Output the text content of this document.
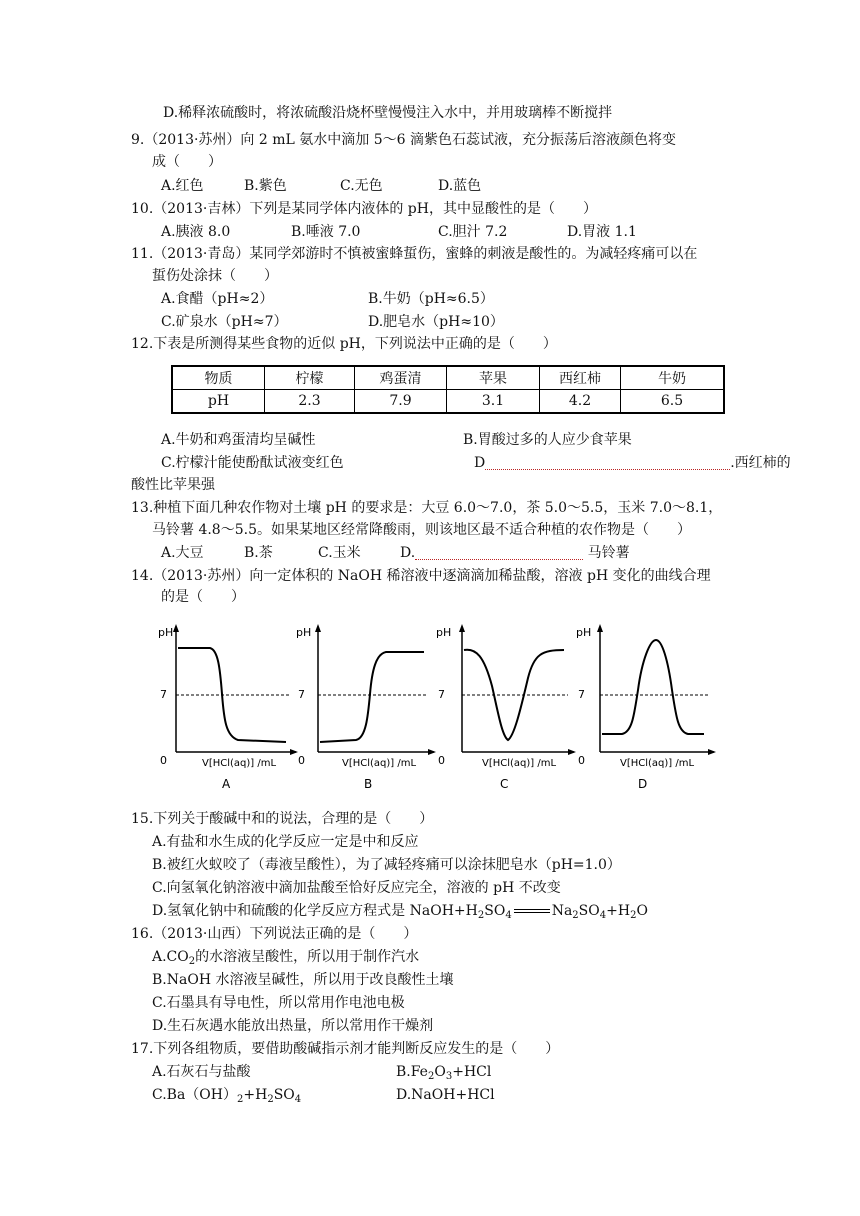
D.稀释浓硫酸时，将浓硫酸沿烧杯壁慢慢注入水中，并用玻璃棒不断搅拌
9.（2013·苏州）向 2 mL 氨水中滴加 5～6 滴紫色石蕊试液，充分振荡后溶液颜色将变
成（　　）
A.红色	B.紫色	C.无色	D.蓝色
10.（2013·吉林）下列是某同学体内液体的 pH，其中显酸性的是（　　）
A.胰液 8.0	B.唾液 7.0	C.胆汁 7.2	D.胃液 1.1
11.（2013·青岛）某同学郊游时不慎被蜜蜂蜇伤，蜜蜂的刺液是酸性的。为减轻疼痛可以在
蜇伤处涂抹（　　）
A.食醋（pH≈2）	B.牛奶（pH≈6.5）
C.矿泉水（pH≈7）	D.肥皂水（pH≈10）
12.下表是所测得某些食物的近似 pH，下列说法中正确的是（　　）
物质	柠檬	鸡蛋清	苹果	西红柿	牛奶
pH	2.3	7.9	3.1	4.2	6.5
A.牛奶和鸡蛋清均呈碱性	B.胃酸过多的人应少食苹果
C.柠檬汁能使酚酞试液变红色	D	.西红柿的
酸性比苹果强
13.种植下面几种农作物对土壤 pH 的要求是：大豆 6.0～7.0，茶 5.0～5.5，玉米 7.0～8.1，
马铃薯 4.8～5.5。如果某地区经常降酸雨，则该地区最不适合种植的农作物是（　　）
A.大豆	B.茶	C.玉米	D.	马铃薯
14.（2013·苏州）向一定体积的 NaOH 稀溶液中逐滴滴加稀盐酸，溶液 pH 变化的曲线合理
的是（　　）
pH
7
0	V[HCl(aq)] /mL
A
pH
7
0	V[HCl(aq)] /mL
B
pH
7
0	V[HCl(aq)] /mL
C
pH
7
0	V[HCl(aq)] /mL
D
15.下列关于酸碱中和的说法，合理的是（　　）
A.有盐和水生成的化学反应一定是中和反应
B.被红火蚁咬了（毒液呈酸性），为了减轻疼痛可以涂抹肥皂水（pH=1.0）
C.向氢氧化钠溶液中滴加盐酸至恰好反应完全，溶液的 pH 不改变
D.氢氧化钠中和硫酸的化学反应方程式是 $NaOH+H_2SO_4$	$Na_2SO_4+H_2O$
16.（2013·山西）下列说法正确的是（　　）
$A.CO_2$的水溶液呈酸性，所以用于制作汽水
B.NaOH 水溶液呈碱性，所以用于改良酸性土壤
C.石墨具有导电性，所以常用作电池电极
D.生石灰遇水能放出热量，所以常用作干燥剂
17.下列各组物质，要借助酸碱指示剂才能判断反应发生的是（　　）
A.石灰石与盐酸	$B.Fe_2O_3+HCl$
$C.Ba(OH)_2+H_2SO_4$	D.NaOH+HCl
